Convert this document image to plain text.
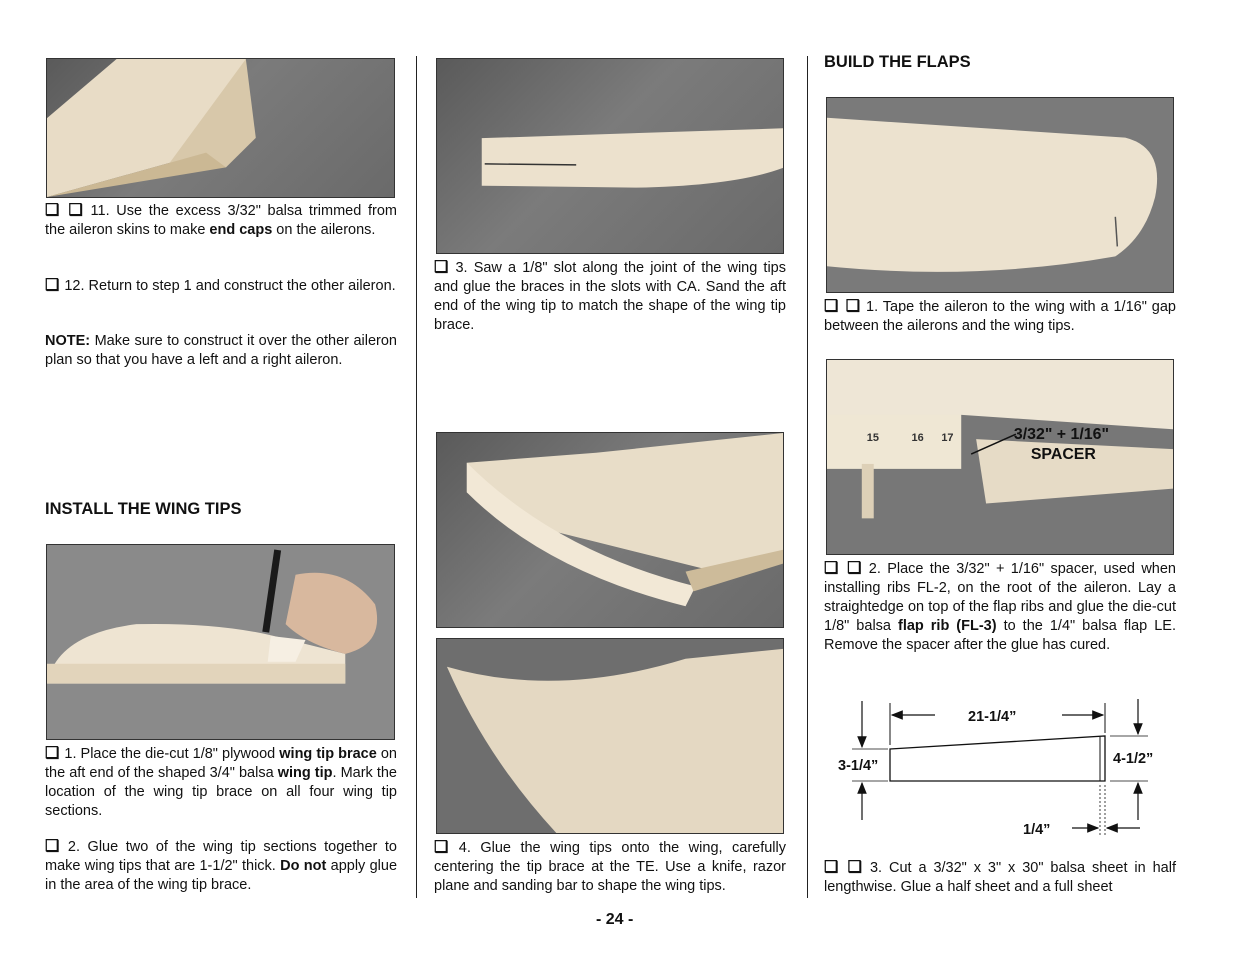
❑ ❑ 11. Use the excess 3/32" balsa trimmed from the aileron skins to make end caps on the ailerons.

❑ 12. Return to step 1 and construct the other aileron.

NOTE: Make sure to construct it over the other aileron plan so that you have a left and a right aileron.

INSTALL THE WING TIPS

❑ 1. Place the die-cut 1/8" plywood wing tip brace on the aft end of the shaped 3/4" balsa wing tip. Mark the location of the wing tip brace on all four wing tip sections.

❑ 2. Glue two of the wing tip sections together to make wing tips that are 1-1/2" thick. Do not apply glue in the area of the wing tip brace.

❑ 3. Saw a 1/8" slot along the joint of the wing tips and glue the braces in the slots with CA. Sand the aft end of the wing tip to match the shape of the wing tip brace.

❑ 4. Glue the wing tips onto the wing, carefully centering the tip brace at the TE. Use a knife, razor plane and sanding bar to shape the wing tips.

BUILD THE FLAPS

❑ ❑ 1. Tape the aileron to the wing with a 1/16" gap between the ailerons and the wing tips.

15	16 17	3/32" + 1/16"
SPACER

❑ ❑ 2. Place the 3/32" + 1/16" spacer, used when installing ribs FL-2, on the root of the aileron. Lay a straightedge on top of the flap ribs and glue the die-cut 1/8" balsa flap rib (FL-3) to the 1/4" balsa flap LE. Remove the spacer after the glue has cured.

21-1/4”
3-1/4”	4-1/2”
1/4”

❑ ❑ 3. Cut a 3/32" x 3" x 30" balsa sheet in half lengthwise. Glue a half sheet and a full sheet

- 24 -
